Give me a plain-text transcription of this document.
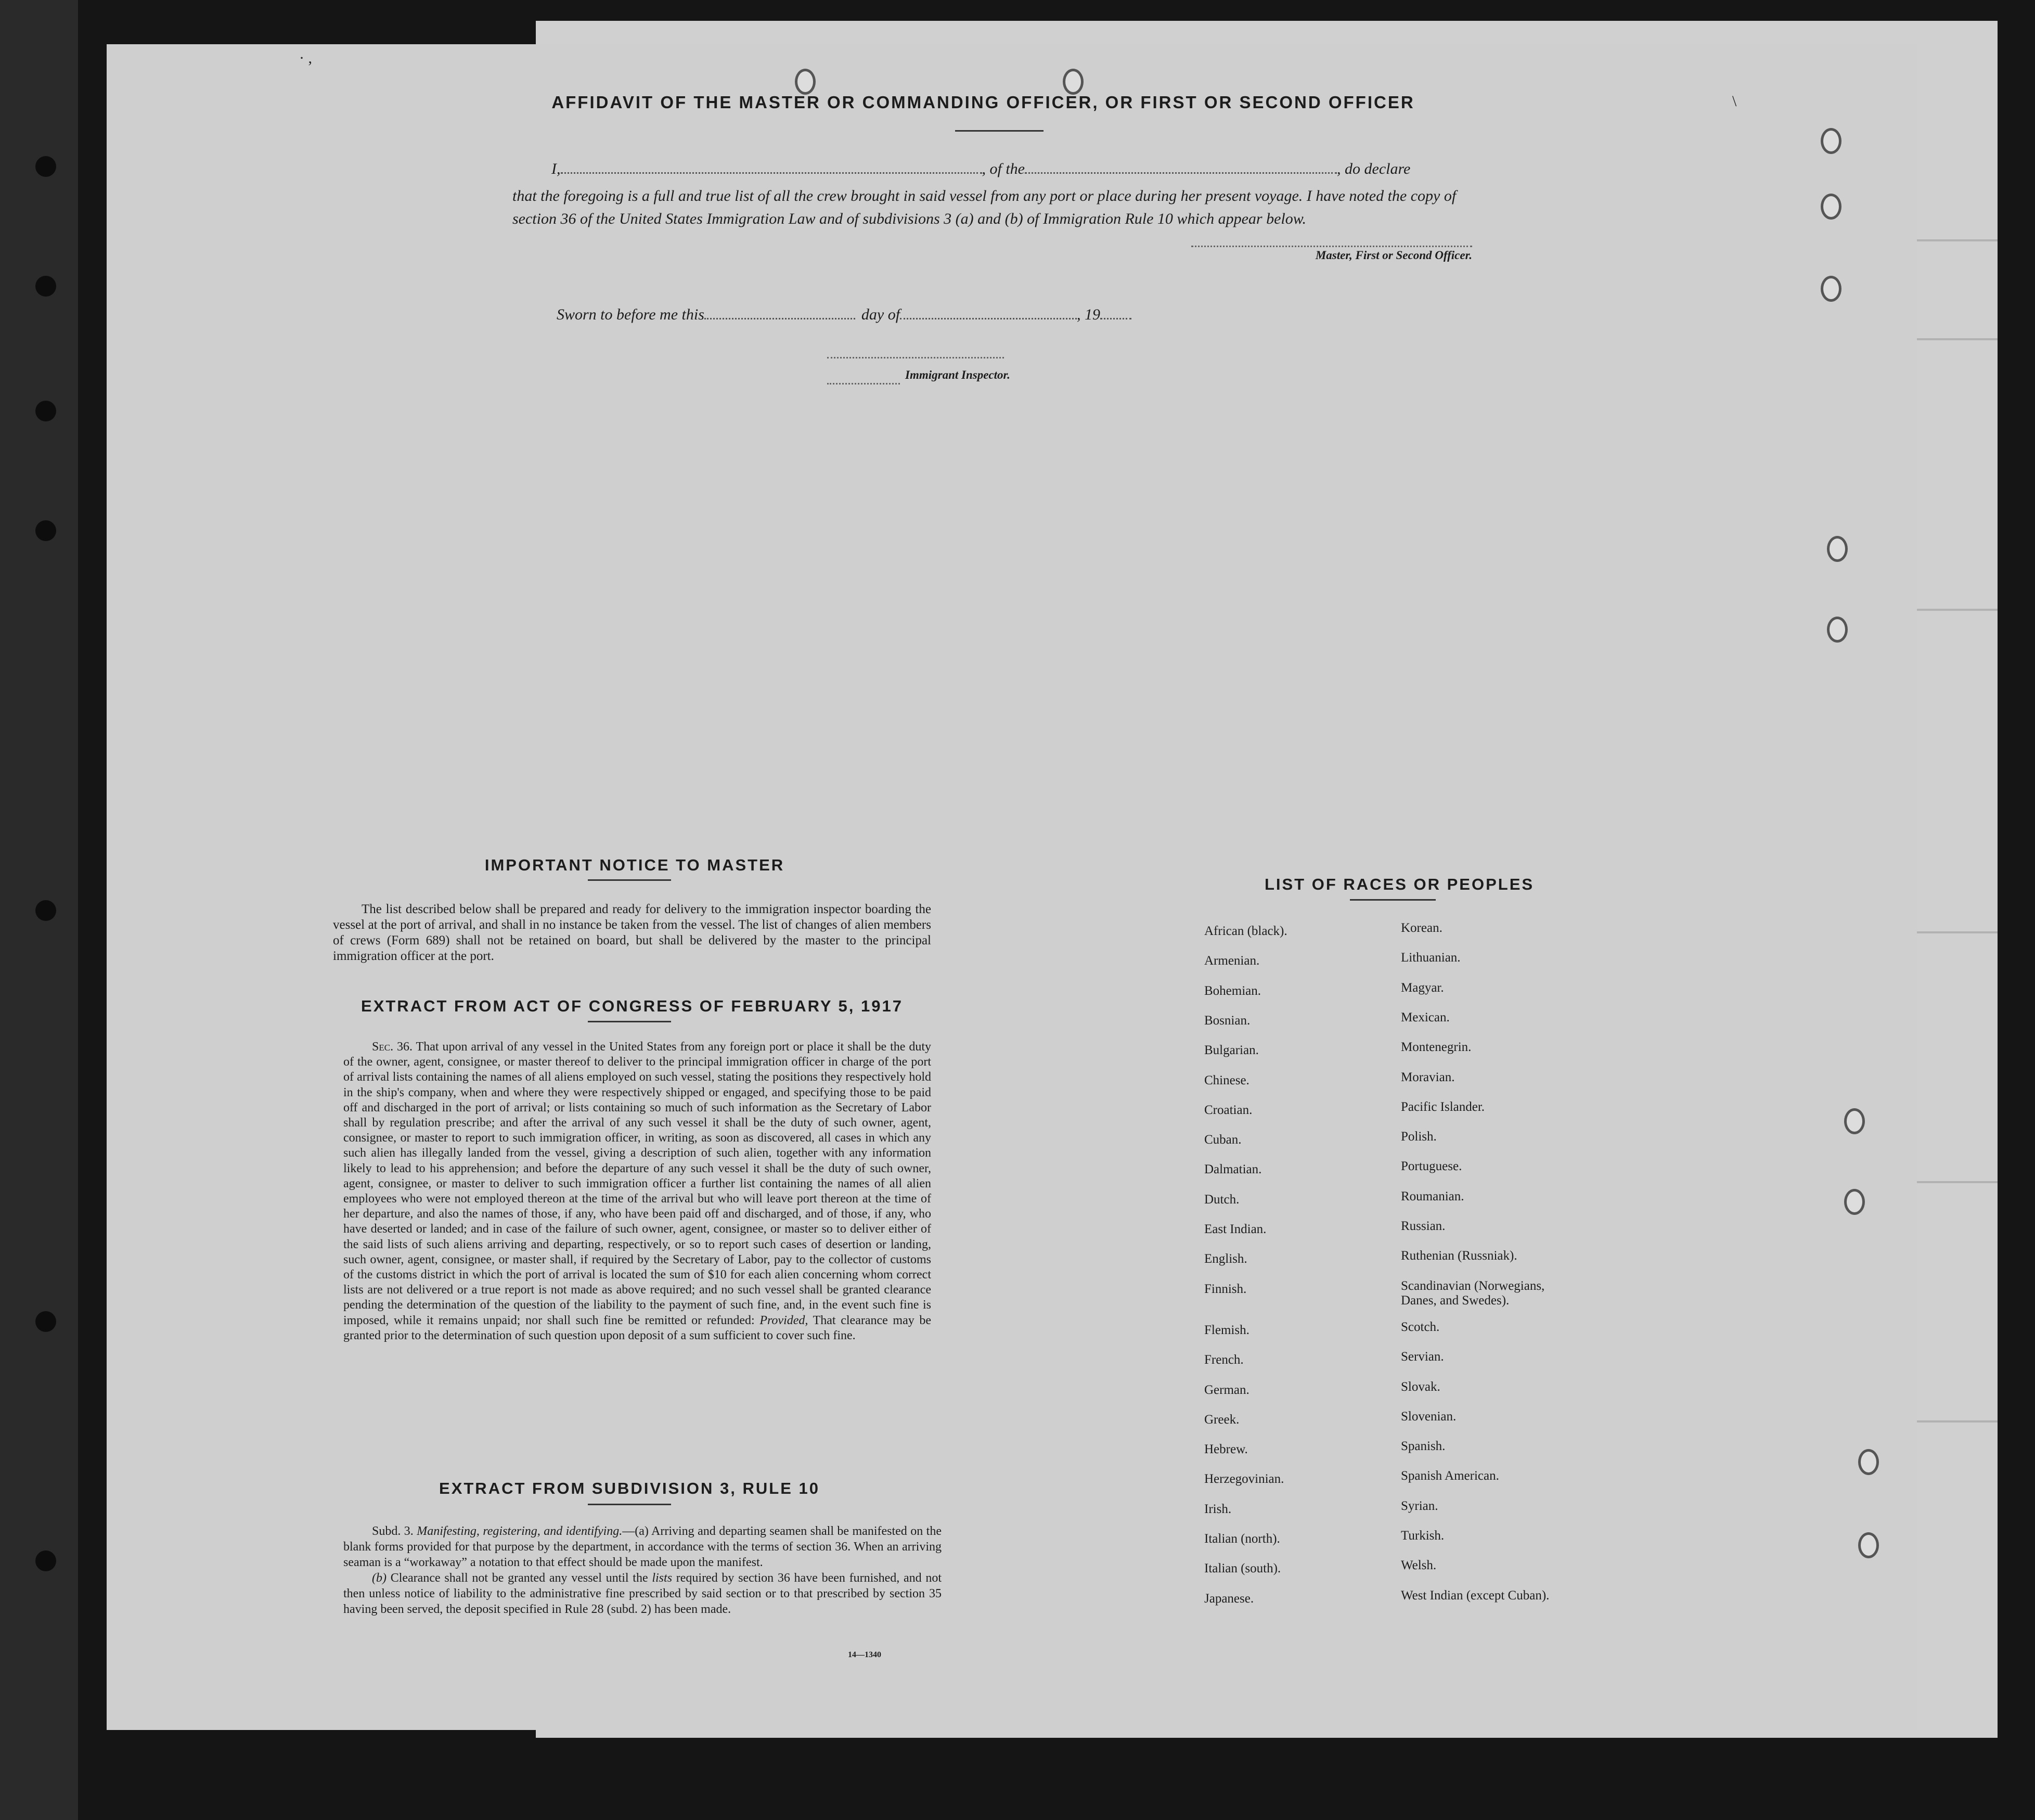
AFFIDAVIT OF THE MASTER OR COMMANDING OFFICER, OR FIRST OR SECOND OFFICER
I,	, of the	, do declare
that the foregoing is a full and true list of all the crew brought in said vessel from any port or place during her present voyage. I have noted the copy of section 36 of the United States Immigration Law and of subdivisions 3 (a) and (b) of Immigration Rule 10 which appear below.
Master, First or Second Officer.
Sworn to before me this	day of	, 19
Immigrant Inspector.
IMPORTANT NOTICE TO MASTER
The list described below shall be prepared and ready for delivery to the immigration inspector boarding the vessel at the port of arrival, and shall in no instance be taken from the vessel. The list of changes of alien members of crews (Form 689) shall not be retained on board, but shall be delivered by the master to the principal immigration officer at the port.
EXTRACT FROM ACT OF CONGRESS OF FEBRUARY 5, 1917
Sec. 36. That upon arrival of any vessel in the United States from any foreign port or place it shall be the duty of the owner, agent, consignee, or master thereof to deliver to the principal immigration officer in charge of the port of arrival lists containing the names of all aliens employed on such vessel, stating the positions they respectively hold in the ship's company, when and where they were respectively shipped or engaged, and specifying those to be paid off and discharged in the port of arrival; or lists containing so much of such information as the Secretary of Labor shall by regulation prescribe; and after the arrival of any such vessel it shall be the duty of such owner, agent, consignee, or master to report to such immigration officer, in writing, as soon as discovered, all cases in which any such alien has illegally landed from the vessel, giving a description of such alien, together with any information likely to lead to his apprehension; and before the departure of any such vessel it shall be the duty of such owner, agent, consignee, or master to deliver to such immigration officer a further list containing the names of all alien employees who were not employed thereon at the time of the arrival but who will leave port thereon at the time of her departure, and also the names of those, if any, who have been paid off and discharged, and of those, if any, who have deserted or landed; and in case of the failure of such owner, agent, consignee, or master so to deliver either of the said lists of such aliens arriving and departing, respectively, or so to report such cases of desertion or landing, such owner, agent, consignee, or master shall, if required by the Secretary of Labor, pay to the collector of customs of the customs district in which the port of arrival is located the sum of $10 for each alien concerning whom correct lists are not delivered or a true report is not made as above required; and no such vessel shall be granted clearance pending the determination of the question of the liability to the payment of such fine, and, in the event such fine is imposed, while it remains unpaid; nor shall such fine be remitted or refunded: Provided, That clearance may be granted prior to the determination of such question upon deposit of a sum sufficient to cover such fine.
EXTRACT FROM SUBDIVISION 3, RULE 10

Subd. 3. Manifesting, registering, and identifying.—(a) Arriving and departing seamen shall be manifested on the blank forms provided for that purpose by the department, in accordance with the terms of section 36. When an arriving seaman is a “workaway” a notation to that effect should be made upon the manifest.

(b) Clearance shall not be granted any vessel until the lists required by section 36 have been furnished, and not then unless notice of liability to the administrative fine prescribed by said section or to that prescribed by section 35 having been served, the deposit specified in Rule 28 (subd. 2) has been made.

14—1340
LIST OF RACES OR PEOPLES
African (black).
Armenian.
Bohemian.
Bosnian.
Bulgarian.
Chinese.
Croatian.
Cuban.
Dalmatian.
Dutch.
East Indian.
English.
Finnish.
Flemish.
French.
German.
Greek.
Hebrew.
Herzegovinian.
Irish.
Italian (north).
Italian (south).
Japanese.
Korean.
Lithuanian.
Magyar.
Mexican.
Montenegrin.
Moravian.
Pacific Islander.
Polish.
Portuguese.
Roumanian.
Russian.
Ruthenian (Russniak).
Scandinavian (Norwegians,
Danes, and Swedes).
Scotch.
Servian.
Slovak.
Slovenian.
Spanish.
Spanish American.
Syrian.
Turkish.
Welsh.
West Indian (except Cuban).
· ,
\
